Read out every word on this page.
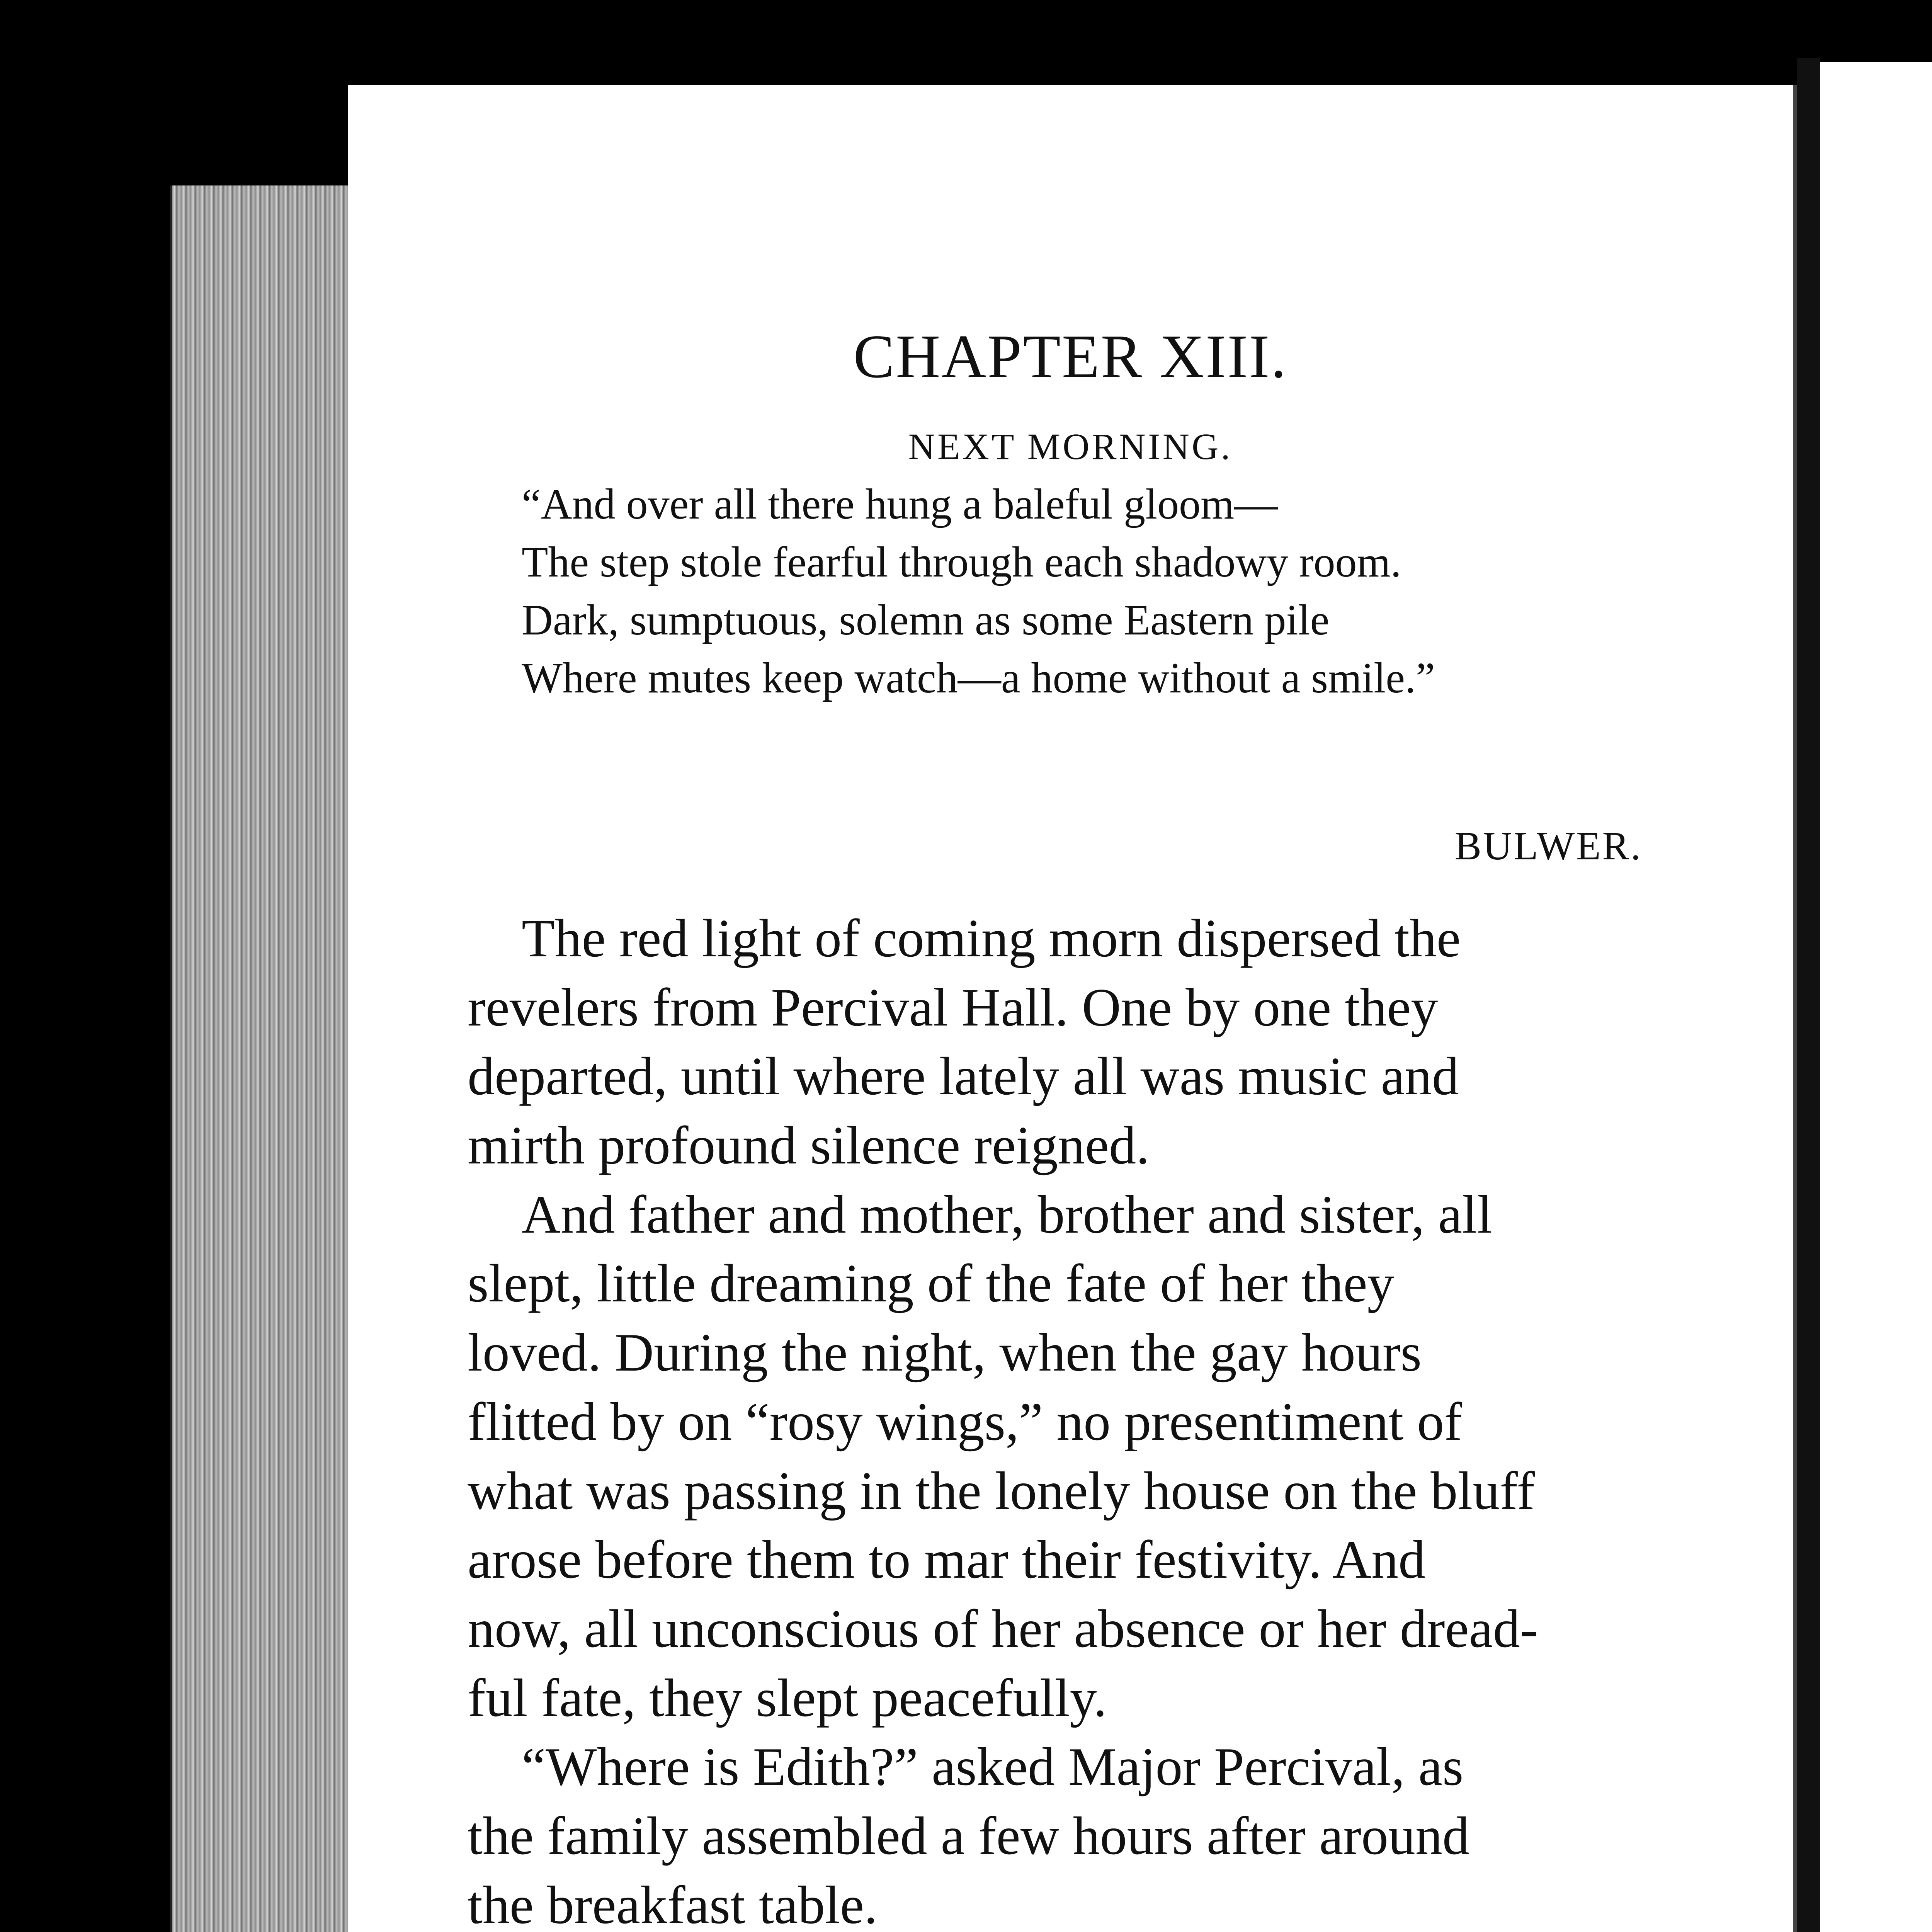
CHAPTER XIII.
NEXT MORNING.
“And over all there hung a baleful gloom—
The step stole fearful through each shadowy room.
Dark, sumptuous, solemn as some Eastern pile
Where mutes keep watch—a home without a smile.”
BULWER.
The red light of coming morn dispersed the
revelers from Percival Hall. One by one they
departed, until where lately all was music and
mirth profound silence reigned.
And father and mother, brother and sister, all
slept, little dreaming of the fate of her they
loved. During the night, when the gay hours
flitted by on “rosy wings,” no presentiment of
what was passing in the lonely house on the bluff
arose before them to mar their festivity. And
now, all unconscious of her absence or her dread-
ful fate, they slept peacefully.
“Where is Edith?” asked Major Percival, as
the family assembled a few hours after around
the breakfast table.
